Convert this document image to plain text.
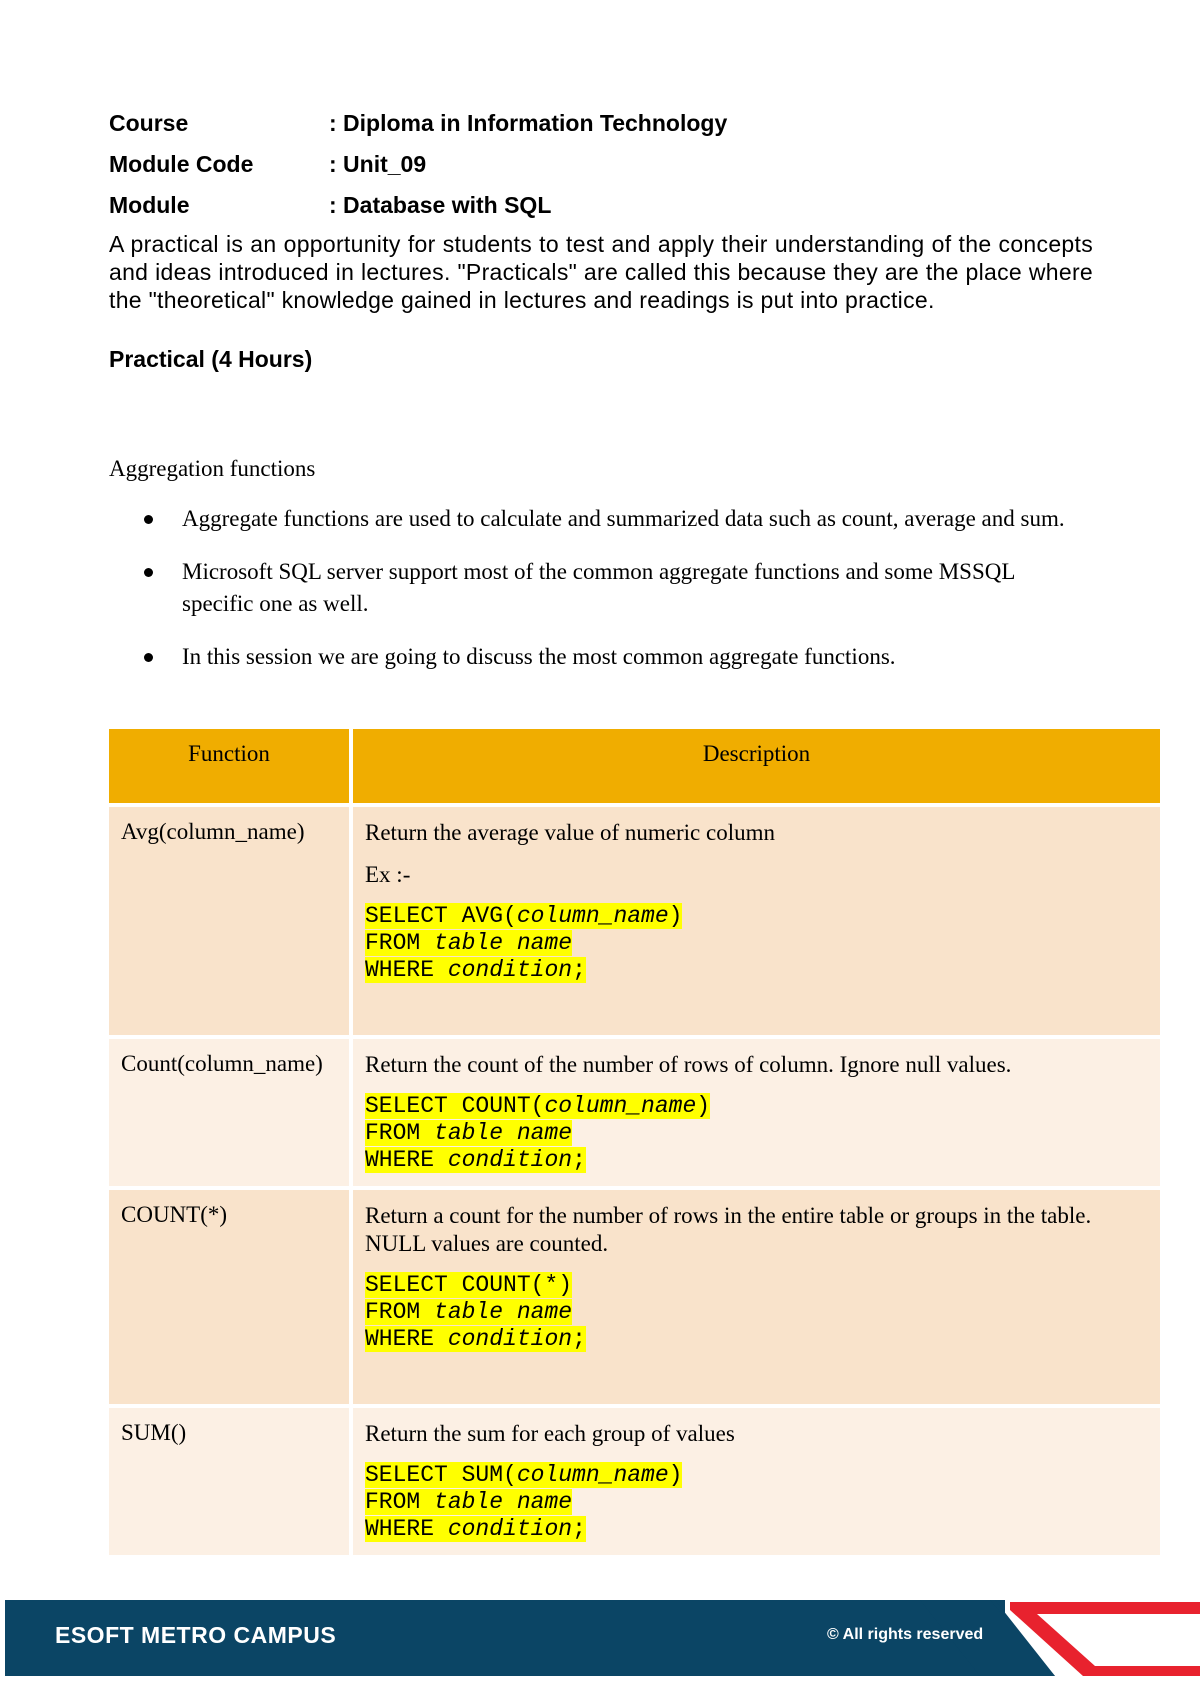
Course	: Diploma in Information Technology
Module Code	: Unit_09
Module	: Database with SQL
A practical is an opportunity for students to test and apply their understanding of the concepts and ideas introduced in lectures. "Practicals" are called this because they are the place where the "theoretical" knowledge gained in lectures and readings is put into practice.
Practical (4 Hours)
Aggregation functions
Aggregate functions are used to calculate and summarized data such as count, average and sum.
Microsoft SQL server support most of the common aggregate functions and some MSSQL specific one as well.
In this session we are going to discuss the most common aggregate functions.
Function	Description
Avg(column_name)	Return the average value of numeric column

Ex :-

SELECT AVG(column_name)
FROM table name
WHERE condition;

Count(column_name)	Return the count of the number of rows of column. Ignore null values.

SELECT COUNT(column_name)
FROM table name
WHERE condition;

COUNT(*)	Return a count for the number of rows in the entire table or groups in the table. NULL values are counted.

SELECT COUNT(*)
FROM table name
WHERE condition;

SUM()	Return the sum for each group of values

SELECT SUM(column_name)
FROM table name
WHERE condition;
ESOFT METRO CAMPUS	© All rights reserved
